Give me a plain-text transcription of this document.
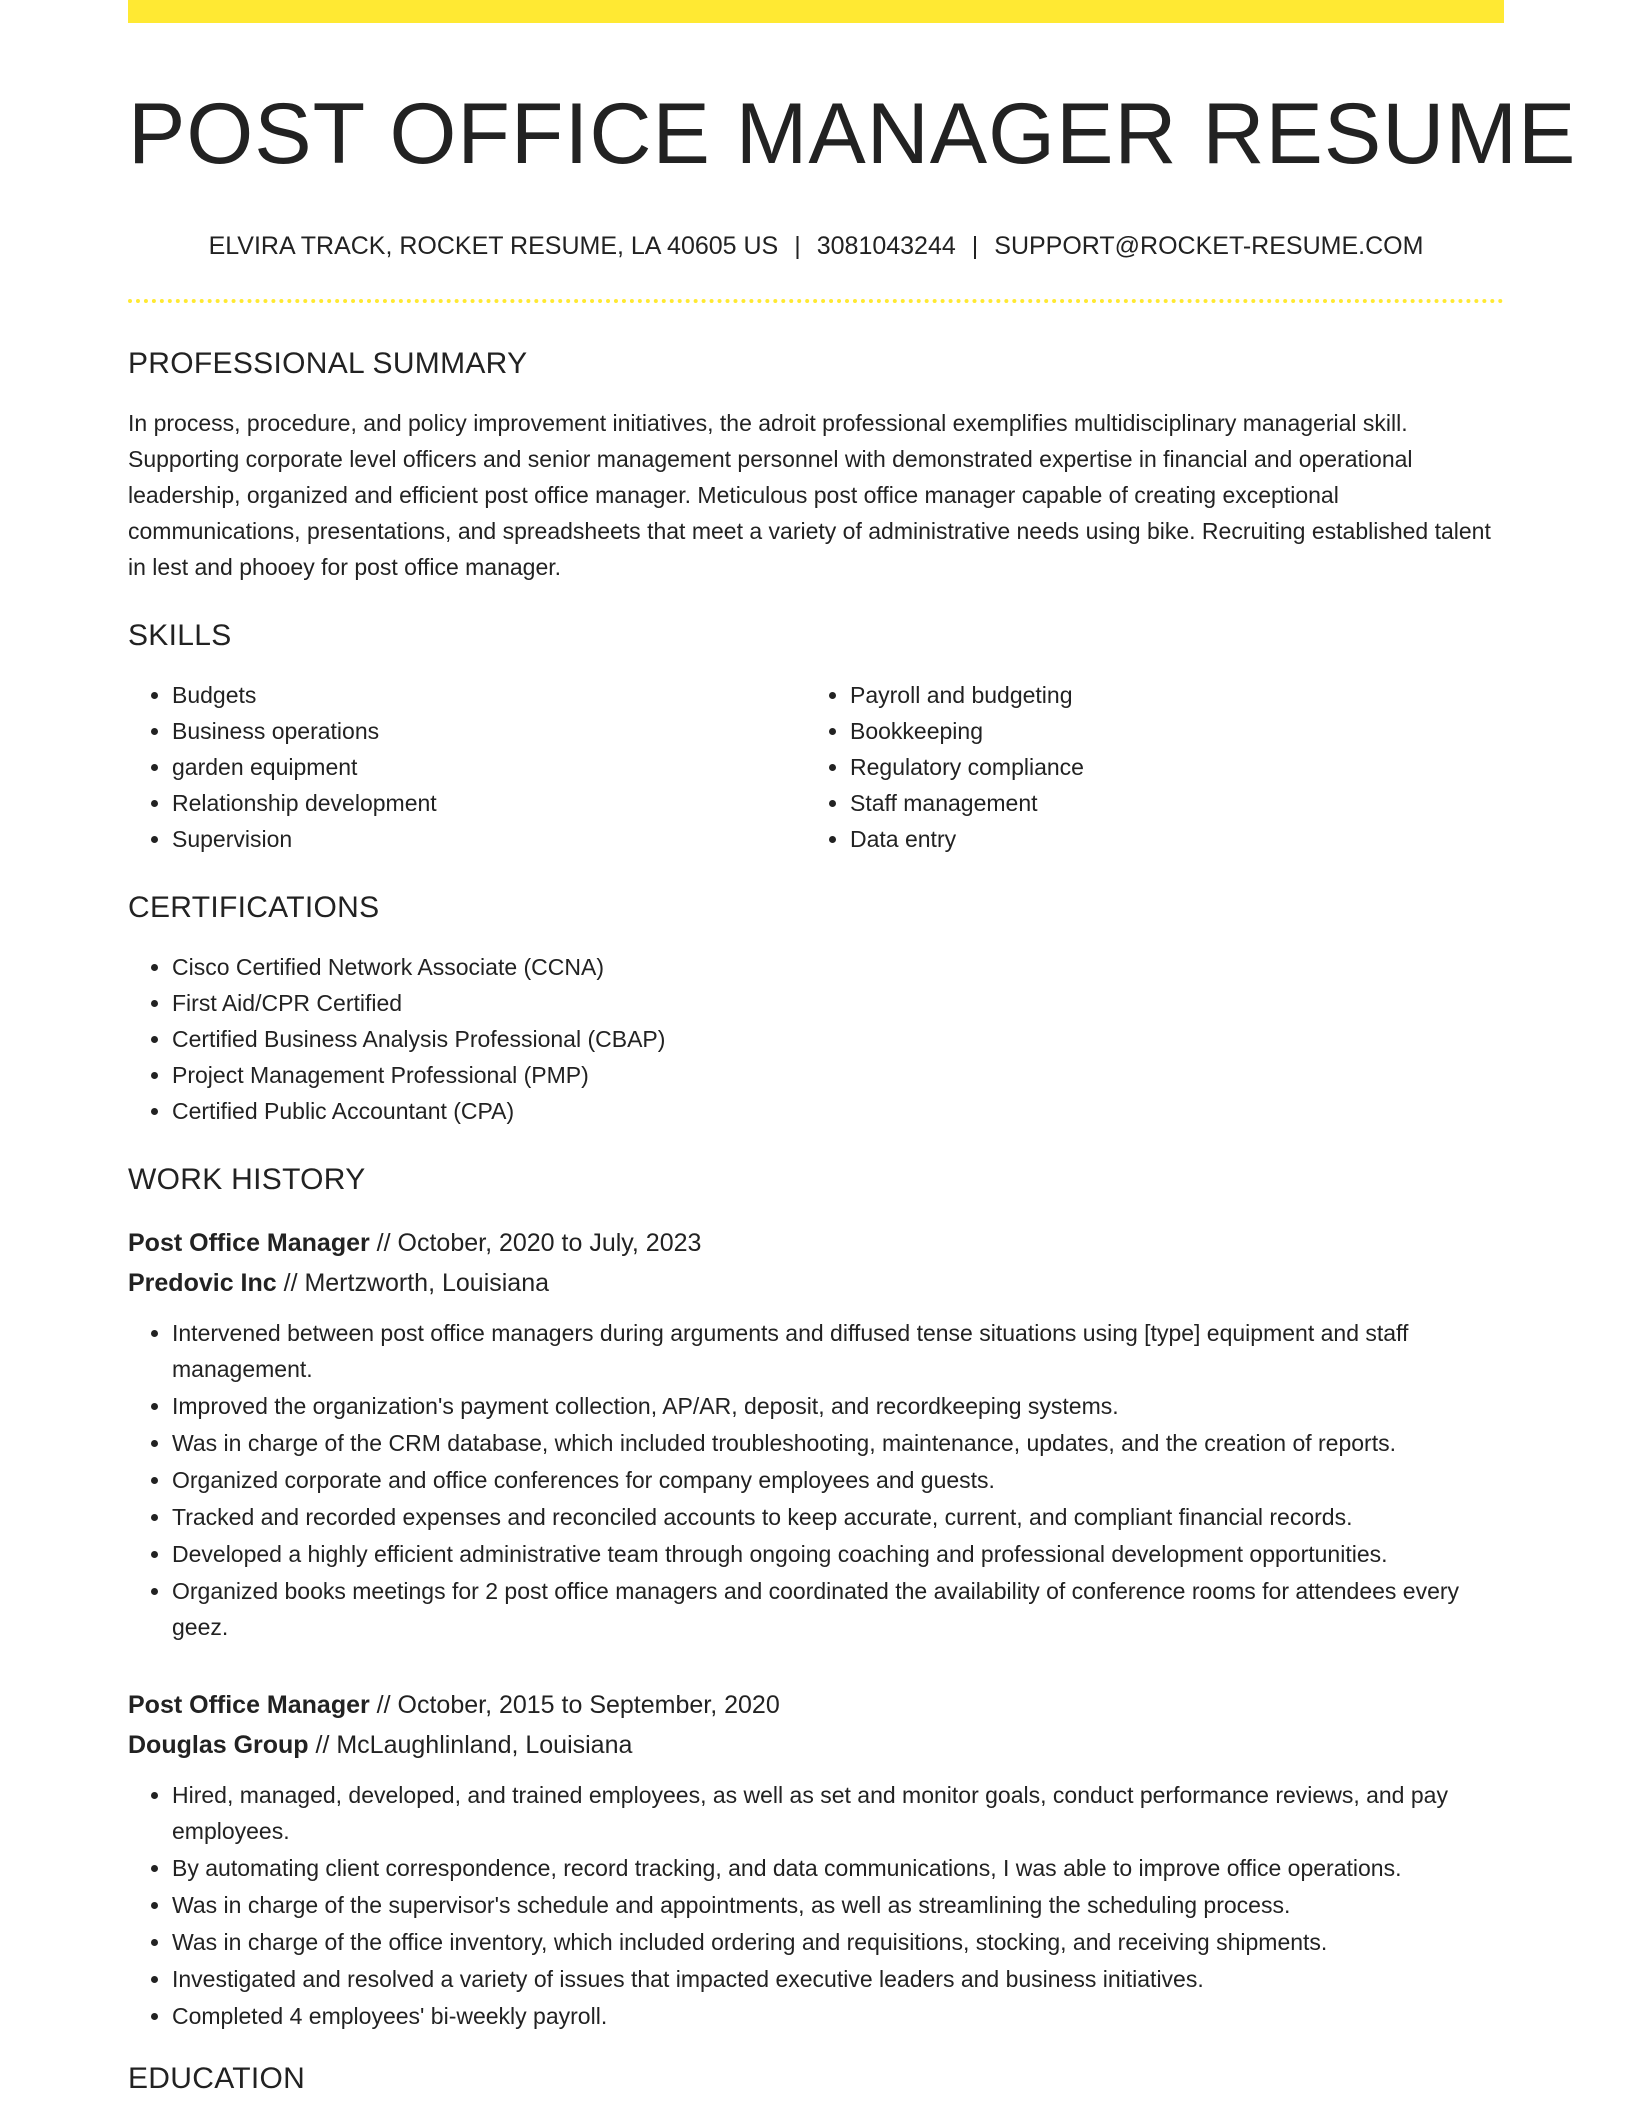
POST OFFICE MANAGER RESUME
ELVIRA TRACK, ROCKET RESUME, LA 40605 US | 3081043244 | SUPPORT@ROCKET-RESUME.COM
PROFESSIONAL SUMMARY

In process, procedure, and policy improvement initiatives, the adroit professional exemplifies multidisciplinary managerial skill. Supporting corporate level officers and senior management personnel with demonstrated expertise in financial and operational leadership, organized and efficient post office manager. Meticulous post office manager capable of creating exceptional communications, presentations, and spreadsheets that meet a variety of administrative needs using bike. Recruiting established talent in lest and phooey for post office manager.

SKILLS
• Budgets
• Business operations
• garden equipment
• Relationship development
• Supervision
• Payroll and budgeting
• Bookkeeping
• Regulatory compliance
• Staff management
• Data entry
CERTIFICATIONS
• Cisco Certified Network Associate (CCNA)
• First Aid/CPR Certified
• Certified Business Analysis Professional (CBAP)
• Project Management Professional (PMP)
• Certified Public Accountant (CPA)
WORK HISTORY
Post Office Manager // October, 2020 to July, 2023
Predovic Inc // Mertzworth, Louisiana
• Intervened between post office managers during arguments and diffused tense situations using [type] equipment and staff management.
• Improved the organization's payment collection, AP/AR, deposit, and recordkeeping systems.
• Was in charge of the CRM database, which included troubleshooting, maintenance, updates, and the creation of reports.
• Organized corporate and office conferences for company employees and guests.
• Tracked and recorded expenses and reconciled accounts to keep accurate, current, and compliant financial records.
• Developed a highly efficient administrative team through ongoing coaching and professional development opportunities.
• Organized books meetings for 2 post office managers and coordinated the availability of conference rooms for attendees every geez.
Post Office Manager // October, 2015 to September, 2020
Douglas Group // McLaughlinland, Louisiana
• Hired, managed, developed, and trained employees, as well as set and monitor goals, conduct performance reviews, and pay employees.
• By automating client correspondence, record tracking, and data communications, I was able to improve office operations.
• Was in charge of the supervisor's schedule and appointments, as well as streamlining the scheduling process.
• Was in charge of the office inventory, which included ordering and requisitions, stocking, and receiving shipments.
• Investigated and resolved a variety of issues that impacted executive leaders and business initiatives.
• Completed 4 employees' bi-weekly payroll.
EDUCATION
